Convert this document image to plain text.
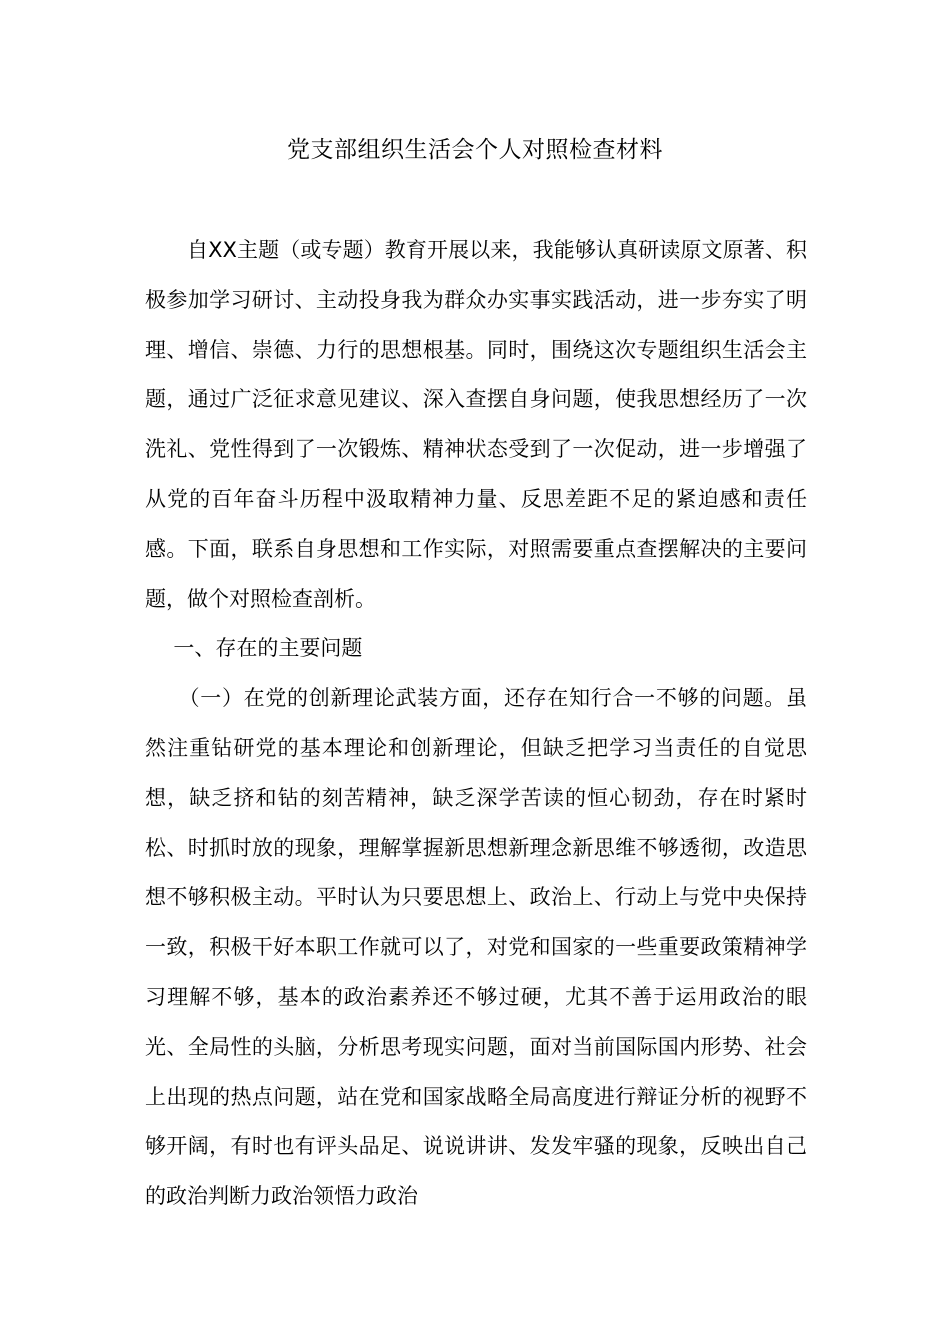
党支部组织生活会个人对照检查材料

自XX主题（或专题）教育开展以来，我能够认真研读原文原著、积极参加学习研讨、主动投身我为群众办实事实践活动，进一步夯实了明理、增信、崇德、力行的思想根基。同时，围绕这次专题组织生活会主题，通过广泛征求意见建议、深入查摆自身问题，使我思想经历了一次洗礼、党性得到了一次锻炼、精神状态受到了一次促动，进一步增强了从党的百年奋斗历程中汲取精神力量、反思差距不足的紧迫感和责任感。下面，联系自身思想和工作实际，对照需要重点查摆解决的主要问题，做个对照检查剖析。

一、存在的主要问题

（一）在党的创新理论武装方面，还存在知行合一不够的问题。虽然注重钻研党的基本理论和创新理论，但缺乏把学习当责任的自觉思想，缺乏挤和钻的刻苦精神，缺乏深学苦读的恒心韧劲，存在时紧时松、时抓时放的现象，理解掌握新思想新理念新思维不够透彻，改造思想不够积极主动。平时认为只要思想上、政治上、行动上与党中央保持一致，积极干好本职工作就可以了，对党和国家的一些重要政策精神学习理解不够，基本的政治素养还不够过硬，尤其不善于运用政治的眼光、全局性的头脑，分析思考现实问题，面对当前国际国内形势、社会上出现的热点问题，站在党和国家战略全局高度进行辩证分析的视野不够开阔，有时也有评头品足、说说讲讲、发发牢骚的现象，反映出自己的政治判断力政治领悟力政治
